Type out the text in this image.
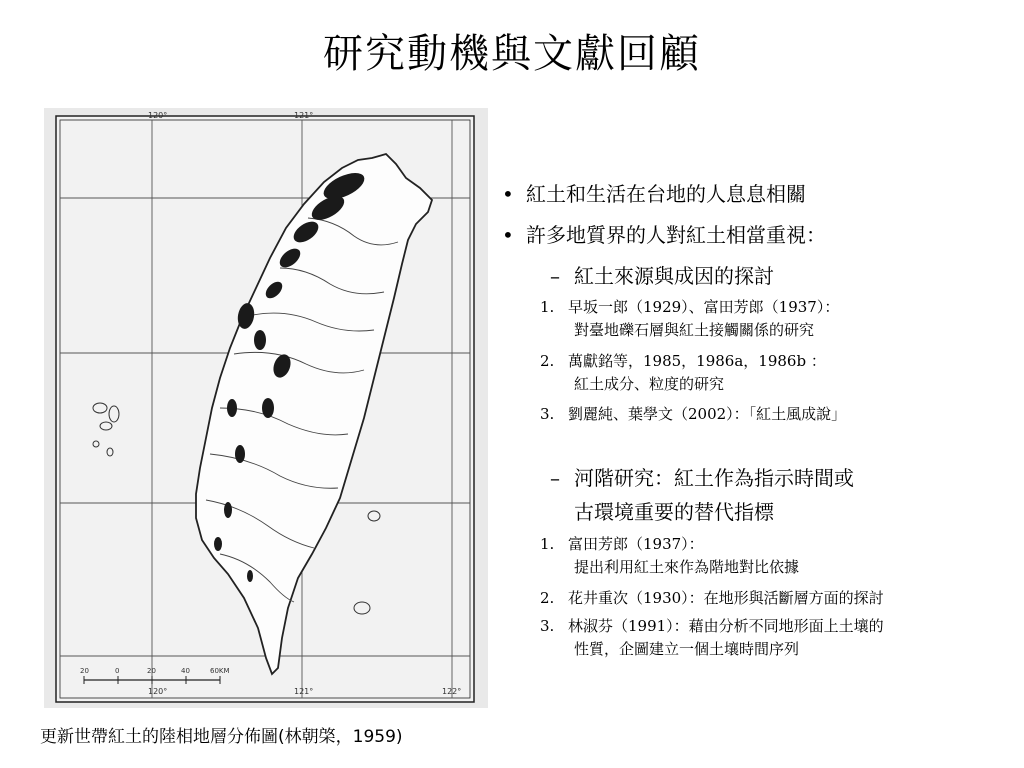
研究動機與文獻回顧
120°	121°
120°	121°	122°
20	0	20	40	60KM
更新世帶紅土的陸相地層分佈圖(林朝棨，1959)
• 紅土和生活在台地的人息息相關
• 許多地質界的人對紅土相當重視：
– 紅土來源與成因的探討
1. 早坂一郎（1929）、富田芳郎（1937）：
對臺地礫石層與紅土接觸關係的研究
2. 萬獻銘等，1985，1986a，1986b ：
紅土成分、粒度的研究
3. 劉麗純、葉學文（2002）：「紅土風成說」
– 河階研究：紅土作為指示時間或
古環境重要的替代指標
1. 富田芳郎（1937）：
提出利用紅土來作為階地對比依據
2. 花井重次（1930）：在地形與活斷層方面的探討
3. 林淑芬（1991）：藉由分析不同地形面上土壤的
性質，企圖建立一個土壤時間序列
